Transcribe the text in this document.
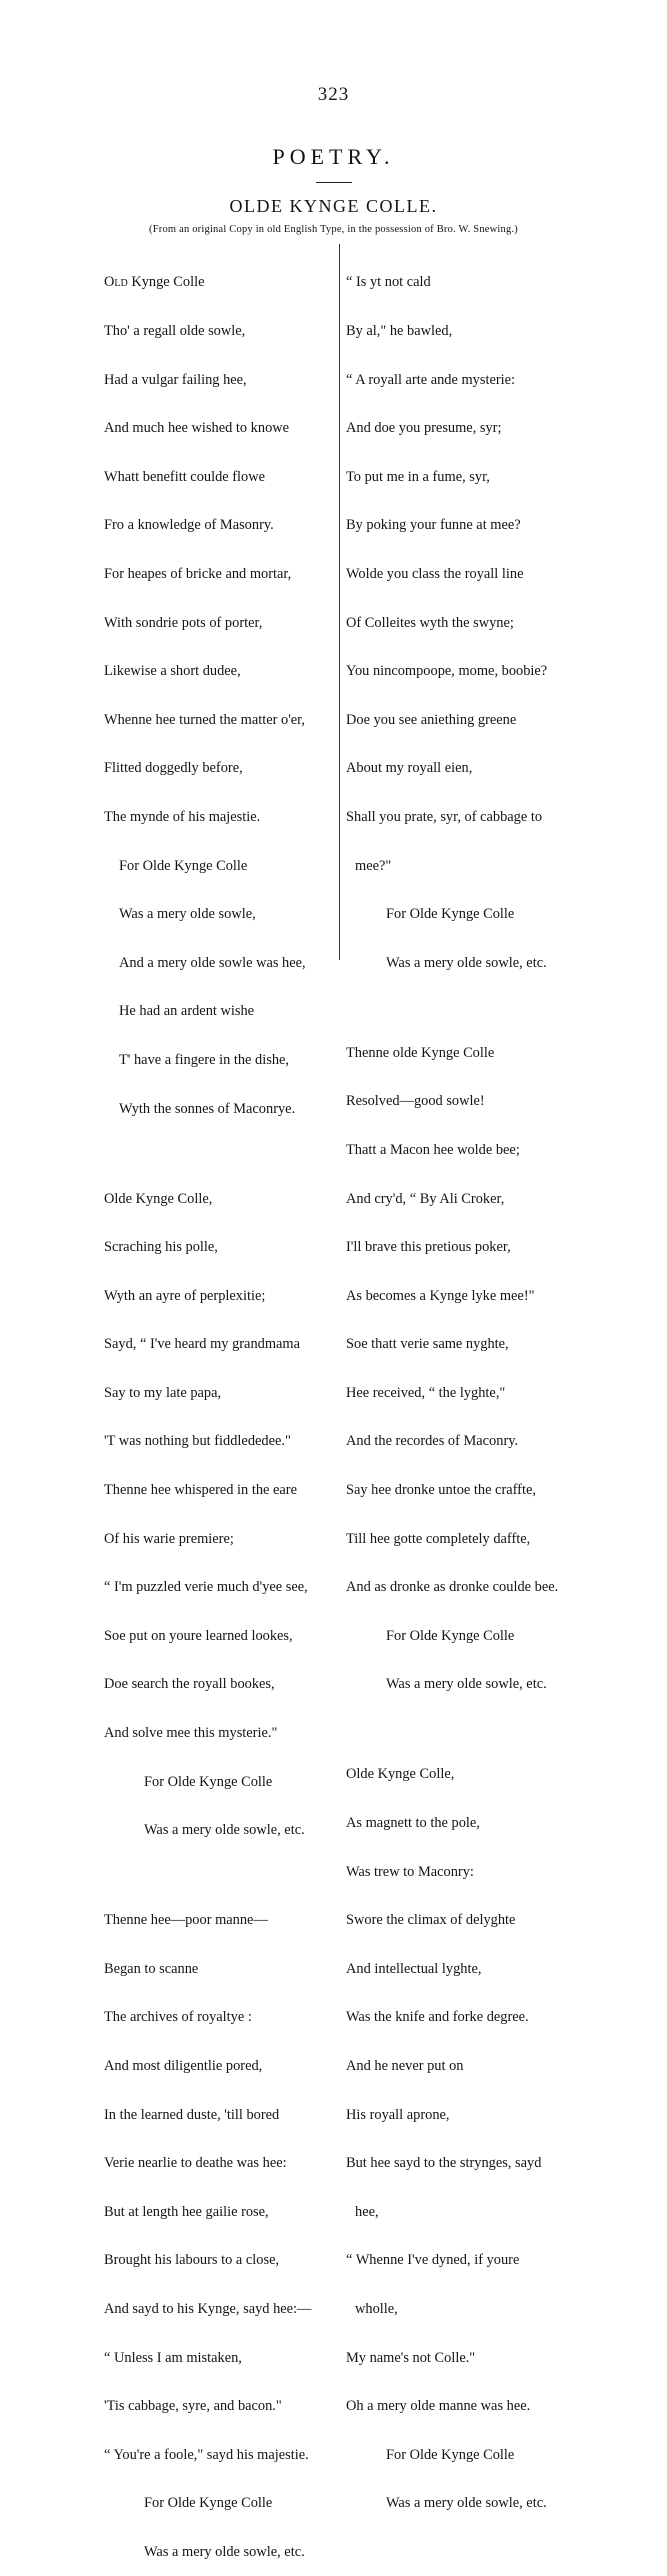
323
POETRY.
OLDE KYNGE COLLE.
(From an original Copy in old English Type, in the possession of Bro. W. Snewing.)

Old Kynge Colle

Tho' a regall olde sowle,

Had a vulgar failing hee,

And much hee wished to knowe

Whatt benefitt coulde flowe

Fro a knowledge of Masonry.

For heapes of bricke and mortar,

With sondrie pots of porter,

Likewise a short dudee,

Whenne hee turned the matter o'er,

Flitted doggedly before,

The mynde of his majestie.

For Olde Kynge Colle

Was a mery olde sowle,

And a mery olde sowle was hee,

He had an ardent wishe

T' have a fingere in the dishe,

Wyth the sonnes of Maconrye.

Olde Kynge Colle,

Scraching his polle,

Wyth an ayre of perplexitie;

Sayd, “ I've heard my grandmama

Say to my late papa,

'T was nothing but fiddlededee."

Thenne hee whispered in the eare

Of his warie premiere;

“ I'm puzzled verie much d'yee see,

Soe put on youre learned lookes,

Doe search the royall bookes,

And solve mee this mysterie."

For Olde Kynge Colle

Was a mery olde sowle, etc.

Thenne hee—poor manne—

Began to scanne

The archives of royaltye :

And most diligentlie pored,

In the learned duste, 'till bored

Verie nearlie to deathe was hee:

But at length hee gailie rose,

Brought his labours to a close,

And sayd to his Kynge, sayd hee:—

“ Unless I am mistaken,

'Tis cabbage, syre, and bacon."

“ You're a foole," sayd his majestie.

For Olde Kynge Colle

Was a mery olde sowle, etc.

“ Is yt not cald

By al," he bawled,

“ A royall arte ande mysterie:

And doe you presume, syr;

To put me in a fume, syr,

By poking your funne at mee?

Wolde you class the royall line

Of Colleites wyth the swyne;

You nincompoope, mome, boobie?

Doe you see aniething greene

About my royall eien,

Shall you prate, syr, of cabbage to

mee?"

For Olde Kynge Colle

Was a mery olde sowle, etc.

Thenne olde Kynge Colle

Resolved—good sowle!

Thatt a Macon hee wolde bee;

And cry'd, “ By Ali Croker,

I'll brave this pretious poker,

As becomes a Kynge lyke mee!"

Soe thatt verie same nyghte,

Hee received, “ the lyghte,"

And the recordes of Maconry.

Say hee dronke untoe the craffte,

Till hee gotte completely daffte,

And as dronke as dronke coulde bee.

For Olde Kynge Colle

Was a mery olde sowle, etc.

Olde Kynge Colle,

As magnett to the pole,

Was trew to Maconry:

Swore the climax of delyghte

And intellectual lyghte,

Was the knife and forke degree.

And he never put on

His royall aprone,

But hee sayd to the strynges, sayd

hee,

“ Whenne I've dyned, if youre

wholle,

My name's not Colle."

Oh a mery olde manne was hee.

For Olde Kynge Colle

Was a mery olde sowle, etc.
